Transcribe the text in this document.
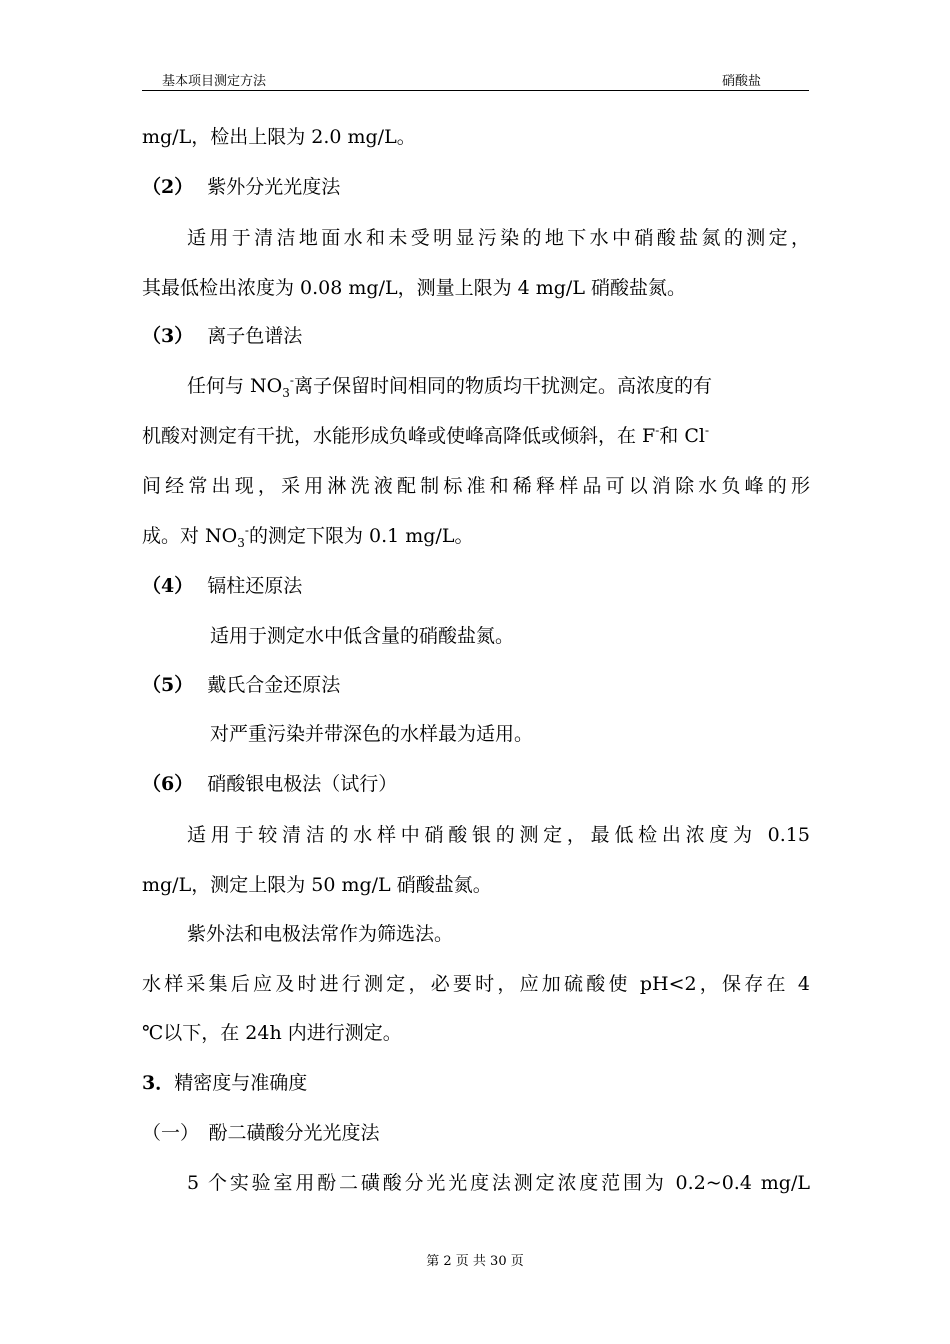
基本项目测定方法	硝酸盐
mg/L，检出上限为 2.0 mg/L。
（2） 紫外分光光度法
适用于清洁地面水和未受明显污染的地下水中硝酸盐氮的测定，
其最低检出浓度为 0.08 mg/L，测量上限为 4 mg/L 硝酸盐氮。
（3） 离子色谱法
任何与 $NO_3^-$离子保留时间相同的物质均干扰测定。高浓度的有
机酸对测定有干扰，水能形成负峰或使峰高降低或倾斜，在 F-和 Cl-
间经常出现，采用淋洗液配制标准和稀释样品可以消除水负峰的形
成。对 $NO_3^-$的测定下限为 0.1 mg/L。
（4） 镉柱还原法
适用于测定水中低含量的硝酸盐氮。
（5） 戴氏合金还原法
对严重污染并带深色的水样最为适用。
（6） 硝酸银电极法（试行）
适用于较清洁的水样中硝酸银的测定，最低检出浓度为 0.15
mg/L，测定上限为 50 mg/L 硝酸盐氮。
紫外法和电极法常作为筛选法。
水样采集后应及时进行测定，必要时，应加硫酸使 pH<2，保存在 4
℃以下，在 24h 内进行测定。
3．精密度与准确度
（一）　酚二磺酸分光光度法
5 个实验室用酚二磺酸分光光度法测定浓度范围为 0.2~0.4 mg/L
第 2 页 共 30 页
